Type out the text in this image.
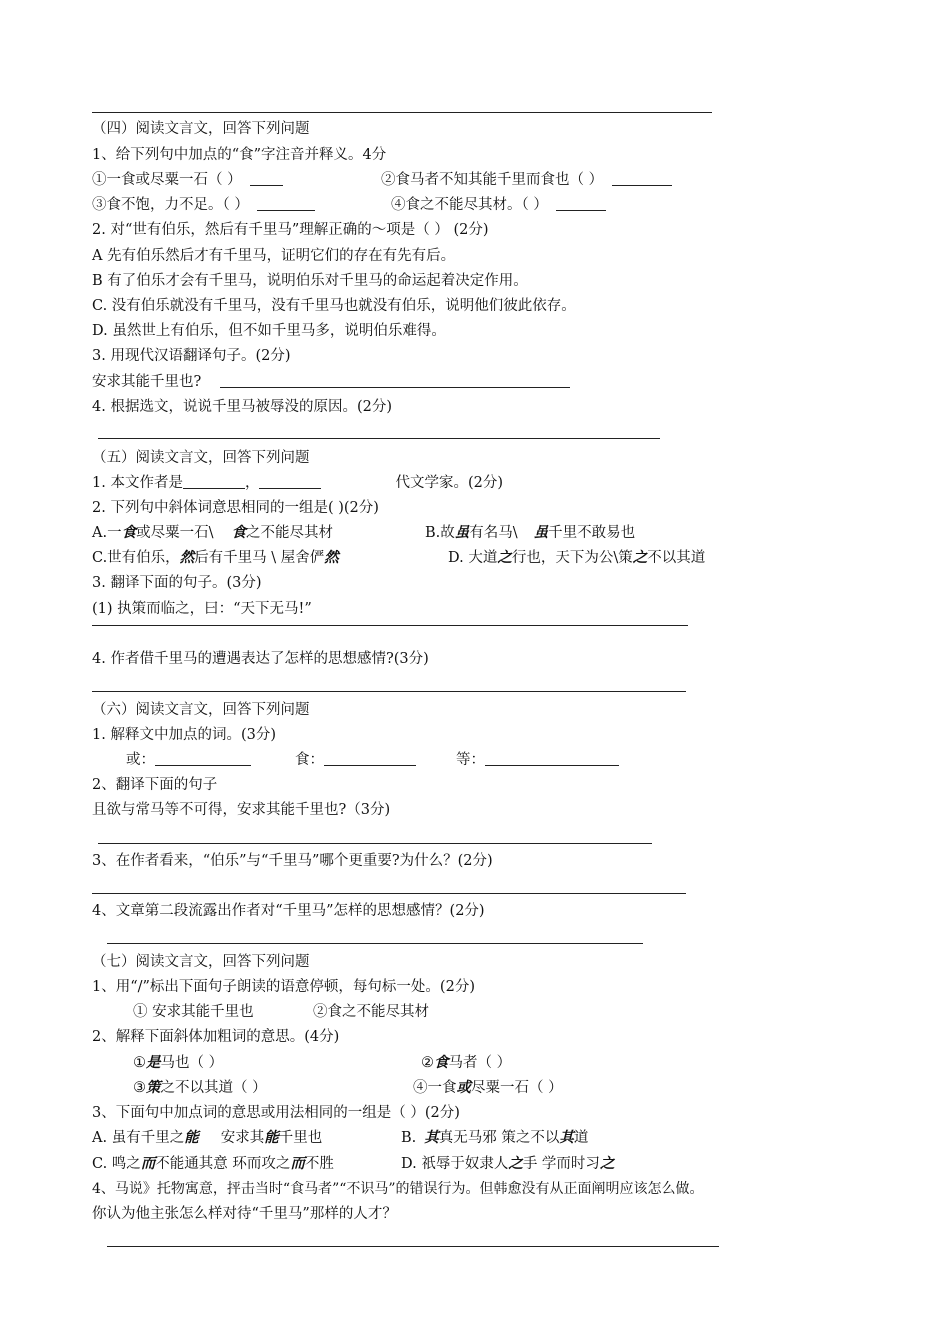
（四）阅读文言文，回答下列问题
1、给下列句中加点的“食”字注音并释义。4分
①一食或尽粟一石（ ）	②食马者不知其能千里而食也（ ）
③食不饱，力不足。（ ）	④食之不能尽其材。（ ）
2. 对“世有伯乐，然后有千里马”理解正确的～项是（ ） (2分)
A 先有伯乐然后才有千里马，证明它们的存在有先有后。
B 有了伯乐才会有千里马，说明伯乐对千里马的命运起着决定作用。
C. 没有伯乐就没有千里马，没有千里马也就没有伯乐，说明他们彼此依存。
D. 虽然世上有伯乐，但不如千里马多，说明伯乐难得。
3. 用现代汉语翻译句子。(2分)
安求其能千里也?
4. 根据选文，说说千里马被辱没的原因。(2分)
（五）阅读文言文，回答下列问题
1. 本文作者是	，	代文学家。(2分)
2. 下列句中斜体词意思相同的一组是( )(2分)
A.一食或尽粟一石\ 食之不能尽其材	B.故虽有名马\ 虽千里不敢易也
C.世有伯乐，然后有千里马 \ 屋舍俨然	D. 大道之行也，天下为公\策之不以其道
3. 翻译下面的句子。(3分)
(1) 执策而临之，曰：“天下无马!”
4. 作者借千里马的遭遇表达了怎样的思想感情?(3分)
（六）阅读文言文，回答下列问题
1. 解释文中加点的词。(3分)
或：	食：	等：
2、翻译下面的句子
且欲与常马等不可得，安求其能千里也?（3分)
3、在作者看来，“伯乐”与“千里马”哪个更重要?为什么？(2分)
4、文章第二段流露出作者对“千里马”怎样的思想感情？(2分)
（七）阅读文言文，回答下列问题
1、用“/”标出下面句子朗读的语意停顿，每句标一处。(2分)
① 安求其能千里也	②食之不能尽其材
2、解释下面斜体加粗词的意思。(4分)
①是马也（ ）	②食马者（ ）
③策之不以其道（ ）	④一食或尽粟一石（ ）
3、下面句中加点词的意思或用法相同的一组是（ ）(2分)
A. 虽有千里之能 安求其能千里也	B. 其真无马邪 策之不以其道
C. 鸣之而不能通其意 环而攻之而不胜	D. 祇辱于奴隶人之手 学而时习之
4、马说》托物寓意，抨击当时“食马者”“不识马”的错误行为。但韩愈没有从正面阐明应该怎么做。
你认为他主张怎么样对待“千里马”那样的人才？
